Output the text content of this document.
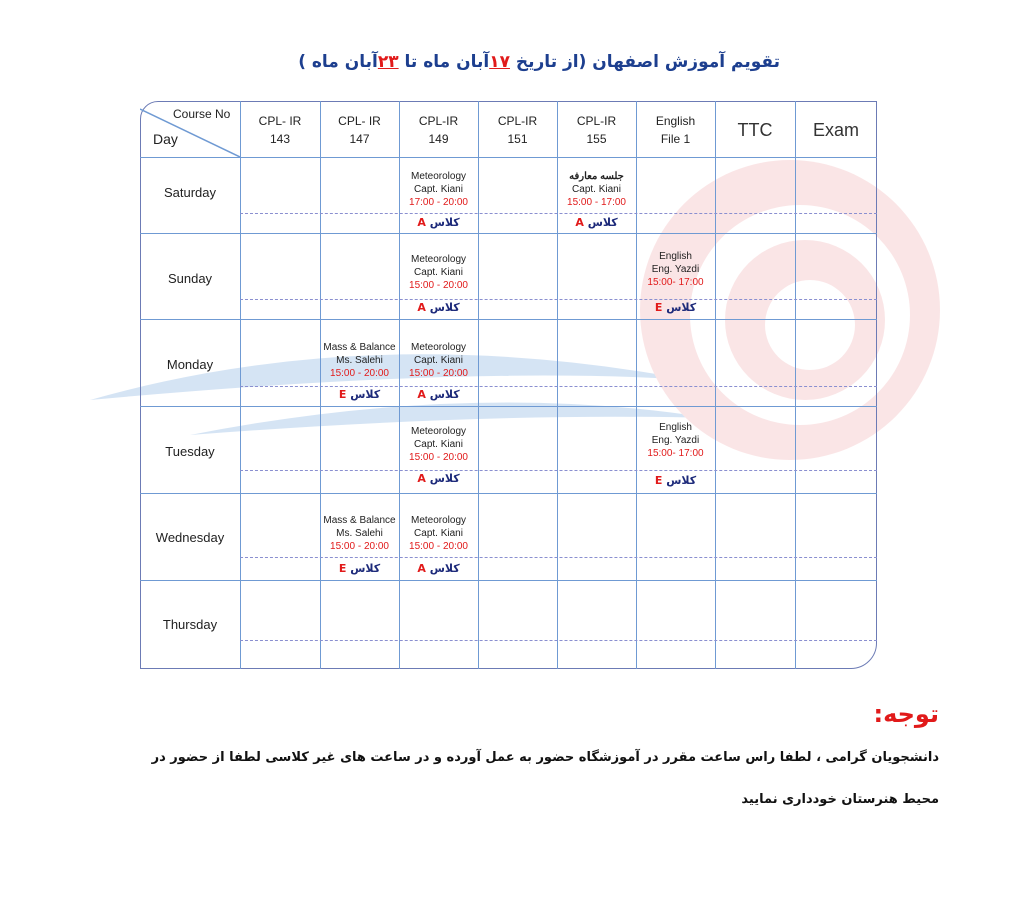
تقویم آموزش اصفهان (از تاریخ ۱۷آبان ماه تا ۲۳آبان ماه )
Course No
Day
CPL- IR
143
CPL- IR
147
CPL-IR
149
CPL-IR
151
CPL-IR
155
English
File 1	TTC Exam
Saturday
Sunday
Monday
Tuesday
Wednesday
Thursday
Meteorology
Capt. Kiani
17:00 - 20:00
کلاس A
جلسه معارفه
Capt. Kiani
15:00 - 17:00
کلاس A
Meteorology
Capt. Kiani
15:00 - 20:00
کلاس A
English
Eng. Yazdi
15:00- 17:00
کلاس E
Mass & Balance
Ms. Salehi
15:00 - 20:00
کلاس E
Meteorology
Capt. Kiani
15:00 - 20:00
کلاس A
Meteorology
Capt. Kiani
15:00 - 20:00
کلاس A
English
Eng. Yazdi
15:00- 17:00
کلاس E
Mass & Balance
Ms. Salehi
15:00 - 20:00
کلاس E
Meteorology
Capt. Kiani
15:00 - 20:00
کلاس A
توجه:
دانشجویان گرامی ، لطفا راس ساعت مقرر در آموزشگاه حضور به عمل آورده و در ساعت های غیر کلاسی لطفا از حضور در
محیط هنرستان خودداری نمایید
